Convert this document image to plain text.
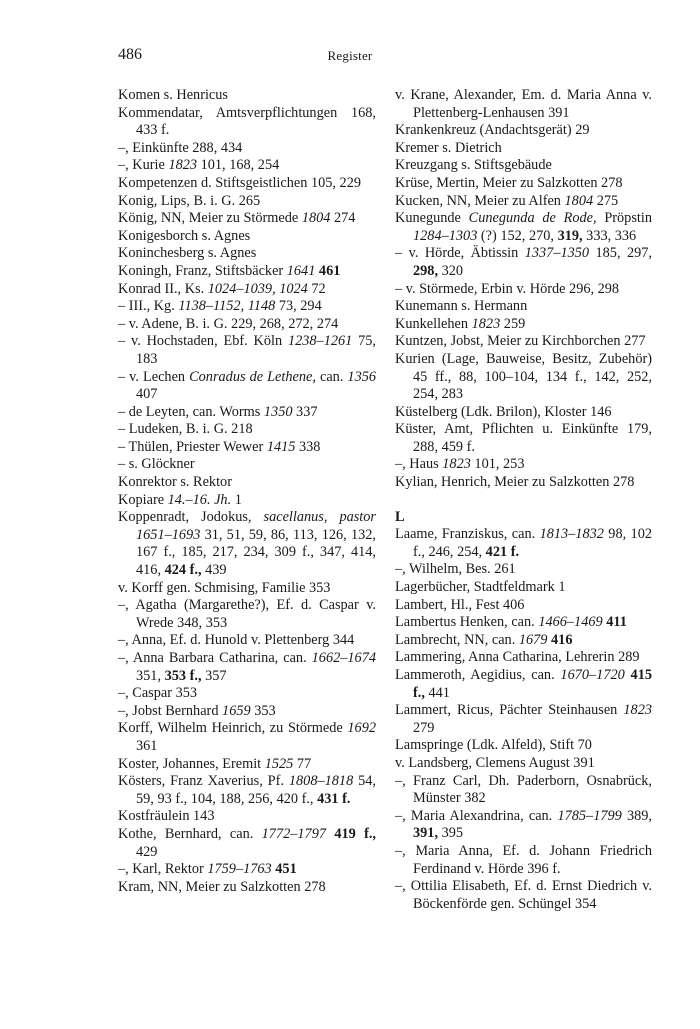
486	Register
Komen s. Henricus
Kommendatar, Amtsverpflichtungen 168, 433 f.
–, Einkünfte 288, 434
–, Kurie 1823 101, 168, 254
Kompetenzen d. Stiftsgeistlichen 105, 229
Konig, Lips, B. i. G. 265
König, NN, Meier zu Störmede 1804 274
Konigesborch s. Agnes
Koninchesberg s. Agnes
Koningh, Franz, Stiftsbäcker 1641 461
Konrad II., Ks. 1024–1039, 1024 72
– III., Kg. 1138–1152, 1148 73, 294
– v. Adene, B. i. G. 229, 268, 272, 274
– v. Hochstaden, Ebf. Köln 1238–1261 75, 183
– v. Lechen Conradus de Lethene, can. 1356 407
– de Leyten, can. Worms 1350 337
– Ludeken, B. i. G. 218
– Thülen, Priester Wewer 1415 338
– s. Glöckner
Konrektor s. Rektor
Kopiare 14.–16. Jh. 1
Koppenradt, Jodokus, sacellanus, pastor 1651–1693 31, 51, 59, 86, 113, 126, 132, 167 f., 185, 217, 234, 309 f., 347, 414, 416, 424 f., 439
v. Korff gen. Schmising, Familie 353
–, Agatha (Margarethe?), Ef. d. Caspar v. Wrede 348, 353
–, Anna, Ef. d. Hunold v. Plettenberg 344
–, Anna Barbara Catharina, can. 1662–1674 351, 353 f., 357
–, Caspar 353
–, Jobst Bernhard 1659 353
Korff, Wilhelm Heinrich, zu Störmede 1692 361
Koster, Johannes, Eremit 1525 77
Kösters, Franz Xaverius, Pf. 1808–1818 54, 59, 93 f., 104, 188, 256, 420 f., 431 f.
Kostfräulein 143
Kothe, Bernhard, can. 1772–1797 419 f., 429
–, Karl, Rektor 1759–1763 451
Kram, NN, Meier zu Salzkotten 278
v. Krane, Alexander, Em. d. Maria Anna v. Plettenberg-Lenhausen 391
Krankenkreuz (Andachtsgerät) 29
Kremer s. Dietrich
Kreuzgang s. Stiftsgebäude
Krüse, Mertin, Meier zu Salzkotten 278
Kucken, NN, Meier zu Alfen 1804 275
Kunegunde Cunegunda de Rode, Pröpstin 1284–1303 (?) 152, 270, 319, 333, 336
– v. Hörde, Äbtissin 1337–1350 185, 297, 298, 320
– v. Störmede, Erbin v. Hörde 296, 298
Kunemann s. Hermann
Kunkellehen 1823 259
Kuntzen, Jobst, Meier zu Kirchborchen 277
Kurien (Lage, Bauweise, Besitz, Zubehör) 45 ff., 88, 100–104, 134 f., 142, 252, 254, 283
Küstelberg (Ldk. Brilon), Kloster 146
Küster, Amt, Pflichten u. Einkünfte 179, 288, 459 f.
–, Haus 1823 101, 253
Kylian, Henrich, Meier zu Salzkotten 278
L
Laame, Franziskus, can. 1813–1832 98, 102 f., 246, 254, 421 f.
–, Wilhelm, Bes. 261
Lagerbücher, Stadtfeldmark 1
Lambert, Hl., Fest 406
Lambertus Henken, can. 1466–1469 411
Lambrecht, NN, can. 1679 416
Lammering, Anna Catharina, Lehrerin 289
Lammeroth, Aegidius, can. 1670–1720 415 f., 441
Lammert, Ricus, Pächter Steinhausen 1823 279
Lamspringe (Ldk. Alfeld), Stift 70
v. Landsberg, Clemens August 391
–, Franz Carl, Dh. Paderborn, Osnabrück, Münster 382
–, Maria Alexandrina, can. 1785–1799 389, 391, 395
–, Maria Anna, Ef. d. Johann Friedrich Ferdinand v. Hörde 396 f.
–, Ottilia Elisabeth, Ef. d. Ernst Diedrich v. Böckenförde gen. Schüngel 354
